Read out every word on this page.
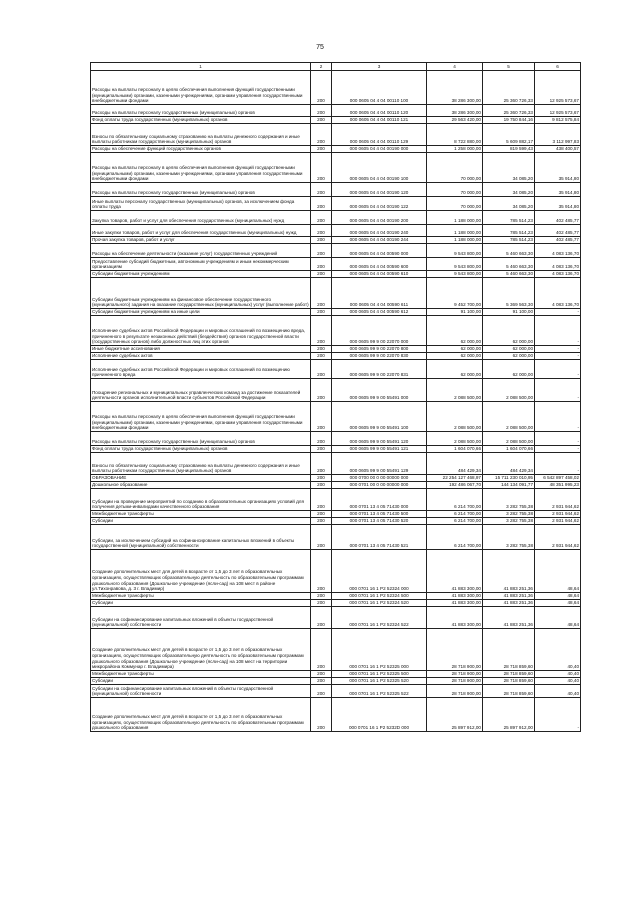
75
1	2	3	4	5	6
Расходы на выплаты персоналу в целях обеспечения выполнения функций государственными (муниципальными) органами, казенными учреждениями, органами управления государственными внебюджетными фондами	200	000 0605 04 4 04 00110 100	38 286 300,00	25 360 726,33	12 925 573,67
Расходы на выплаты персоналу государственных (муниципальных) органов	200	000 0605 04 4 04 00110 120	38 286 300,00	25 360 726,33	12 925 573,67
Фонд оплаты труда государственных (муниципальных) органов	200	000 0605 04 4 04 00110 121	29 563 420,00	19 750 844,16	9 812 575,84
Взносы по обязательному социальному страхованию на выплаты денежного содержания и иные выплаты работникам государственных (муниципальных) органов	200	000 0605 04 4 04 00110 129	8 722 880,00	5 609 882,17	3 112 997,83
Расходы на обеспечение функций государственных органов	200	000 0605 04 4 04 00190 000	1 258 000,00	819 599,43	438 400,57
Расходы на выплаты персоналу в целях обеспечения выполнения функций государственными (муниципальными) органами, казенными учреждениями, органами управления государственными внебюджетными фондами	200	000 0605 04 4 04 00190 100	70 000,00	34 085,20	35 914,80
Расходы на выплаты персоналу государственных (муниципальных) органов	200	000 0605 04 4 04 00190 120	70 000,00	34 085,20	35 914,80
Иные выплаты персоналу государственных (муниципальных) органов, за исключением фонда оплаты труда	200	000 0605 04 4 04 00190 122	70 000,00	34 085,20	35 914,80
Закупка товаров, работ и услуг для обеспечения государственных (муниципальных) нужд	200	000 0605 04 4 04 00190 200	1 188 000,00	785 514,23	402 485,77
Иные закупки товаров, работ и услуг для обеспечения государственных (муниципальных) нужд	200	000 0605 04 4 04 00190 240	1 188 000,00	785 514,23	402 485,77
Прочая закупка товаров, работ и услуг	200	000 0605 04 4 04 00190 244	1 188 000,00	785 514,23	402 485,77
Расходы на обеспечение деятельности (оказание услуг) государственных учреждений	200	000 0605 04 4 04 00590 000	9 543 800,00	5 460 663,30	4 083 136,70
Предоставление субсидий бюджетным, автономным учреждениям и иным некоммерческим организациям	200	000 0605 04 4 04 00590 600	9 543 800,00	5 460 663,30	4 083 136,70
Субсидии бюджетным учреждениям	200	000 0605 04 4 04 00590 610	9 543 800,00	5 460 663,30	4 083 136,70
Субсидии бюджетным учреждениям на финансовое обеспечение государственного (муниципального) задания на оказание государственных (муниципальных) услуг (выполнение работ)	200	000 0605 04 4 04 00590 611	9 452 700,00	5 369 563,30	4 083 136,70
Субсидии бюджетным учреждениям на иные цели	200	000 0605 04 4 04 00590 612	91 100,00	91 100,00	-
Исполнение судебных актов Российской Федерации и мировых соглашений по возмещению вреда, причиненного в результате незаконных действий (бездействия) органов государственной власти (государственных органов) либо должностных лиц этих органов	200	000 0605 99 9 00 22070 000	62 000,00	62 000,00	-
Иные бюджетные ассигнования	200	000 0605 99 9 00 22070 800	62 000,00	62 000,00	-
Исполнение судебных актов	200	000 0605 99 9 00 22070 830	62 000,00	62 000,00	-
Исполнение судебных актов Российской Федерации и мировых соглашений по возмещению причиненного вреда	200	000 0605 99 9 00 22070 831	62 000,00	62 000,00	-
Поощрение региональных и муниципальных управленческих команд за достижение показателей деятельности органов исполнительной власти субъектов Российской Федерации	200	000 0605 99 9 00 55491 000	2 088 500,00	2 088 500,00	-
Расходы на выплаты персоналу в целях обеспечения выполнения функций государственными (муниципальными) органами, казенными учреждениями, органами управления государственными внебюджетными фондами	200	000 0605 99 9 00 55491 100	2 088 500,00	2 088 500,00	-
Расходы на выплаты персоналу государственных (муниципальных) органов	200	000 0605 99 9 00 55491 120	2 088 500,00	2 088 500,00	-
Фонд оплаты труда государственных (муниципальных) органов	200	000 0605 99 9 00 55491 121	1 604 070,66	1 604 070,66	-
Взносы по обязательному социальному страхованию на выплаты денежного содержания и иные выплаты работникам государственных (муниципальных) органов	200	000 0605 99 9 00 55491 129	484 429,34	484 429,34	-
ОБРАЗОВАНИЕ	200	000 0700 00 0 00 00000 000	22 254 127 468,97	15 711 230 010,95	6 542 897 458,02
Дошкольное образование	200	000 0701 00 0 00 00000 000	192 486 067,70	144 134 091,77	48 351 995,23
Субсидии на проведение мероприятий по созданию в образовательных организациях условий для получения детьми-инвалидами качественного образования	200	000 0701 13 4 05 71430 000	6 214 700,00	3 282 755,38	2 931 944,62
Межбюджетные трансферты	200	000 0701 13 4 05 71430 500	6 214 700,00	3 282 755,38	2 931 944,62
Субсидии	200	000 0701 13 4 05 71430 520	6 214 700,00	3 282 755,38	2 931 944,62
Субсидии, за исключением субсидий на софинансирование капитальных вложений в объекты государственной (муниципальной) собственности	200	000 0701 13 4 05 71430 521	6 214 700,00	3 282 755,38	2 931 944,62
Создание дополнительных мест для детей в возрасте от 1,5 до 3 лет в образовательных организациях, осуществляющих образовательную деятельность по образовательным программам дошкольного образования (Дошкольное учреждение (ясли-сад) на 108 мест в районе ул.Тихонравова, д. 3 г. Владимир)	200	000 0701 16 1 P2 52324 000	41 883 300,00	41 883 251,36	48,64
Межбюджетные трансферты	200	000 0701 16 1 P2 52324 500	41 883 300,00	41 883 251,36	48,64
Субсидии	200	000 0701 16 1 P2 52324 520	41 883 300,00	41 883 251,36	48,64
Субсидии на софинансирование капитальных вложений в объекты государственной (муниципальной) собственности	200	000 0701 16 1 P2 52324 522	41 883 300,00	41 883 251,36	48,64
Создание дополнительных мест для детей в возрасте от 1,5 до 3 лет в образовательных организациях, осуществляющих образовательную деятельность по образовательным программам дошкольного образования (Дошкольное учреждение (ясли-сад) на 108 мест на территории микрорайона Коммунар г. Владимира)	200	000 0701 16 1 P2 52325 000	28 718 900,00	28 718 859,60	40,40
Межбюджетные трансферты	200	000 0701 16 1 P2 52325 500	28 718 900,00	28 718 859,60	40,40
Субсидии	200	000 0701 16 1 P2 52325 520	28 718 900,00	28 718 859,60	40,40
Субсидии на софинансирование капитальных вложений в объекты государственной (муниципальной) собственности	200	000 0701 16 1 P2 52325 522	28 718 900,00	28 718 859,60	40,40
Создание дополнительных мест для детей в возрасте от 1,5 до 3 лет в образовательных организациях, осуществляющих образовательную деятельность по образовательным программам дошкольного образования	200	000 0701 16 1 P2 5232D 000	25 897 912,00	25 897 912,00	-
